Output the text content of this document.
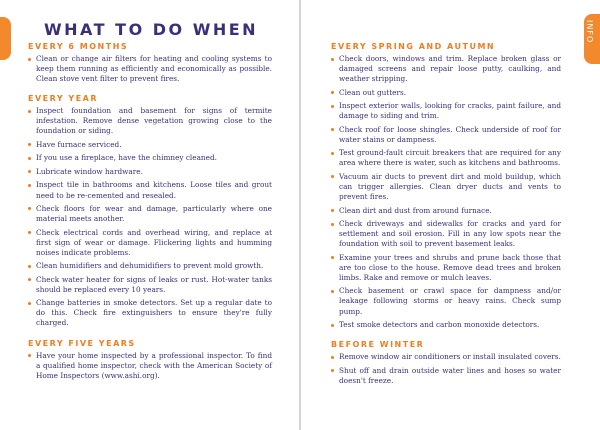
WHAT TO DO WHEN
EVERY 6 MONTHS
Clean or change air filters for heating and cooling systems to keep them running as efficiently and economically as possible. Clean stove vent filter to prevent fires.
EVERY YEAR
Inspect foundation and basement for signs of termite infestation. Remove dense vegetation growing close to the foundation or siding.
Have furnace serviced.
If you use a fireplace, have the chimney cleaned.
Lubricate window hardware.
Inspect tile in bathrooms and kitchens. Loose tiles and grout need to be re-cemented and resealed.
Check floors for wear and damage, particularly where one material meets another.
Check electrical cords and overhead wiring, and replace at first sign of wear or damage. Flickering lights and humming noises indicate problems.
Clean humidifiers and dehumidifiers to prevent mold growth.
Check water heater for signs of leaks or rust. Hot-water tanks should be replaced every 10 years.
Change batteries in smoke detectors. Set up a regular date to do this. Check fire extinguishers to ensure they're fully charged.
EVERY FIVE YEARS
Have your home inspected by a professional inspector. To find a qualified home inspector, check with the American Society of Home Inspectors (www.ashi.org).
INFO
EVERY SPRING AND AUTUMN
Check doors, windows and trim. Replace broken glass or damaged screens and repair loose putty, caulking, and weather stripping.
Clean out gutters.
Inspect exterior walls, looking for cracks, paint failure, and damage to siding and trim.
Check roof for loose shingles. Check underside of roof for water stains or dampness.
Test ground-fault circuit breakers that are required for any area where there is water, such as kitchens and bathrooms.
Vacuum air ducts to prevent dirt and mold buildup, which can trigger allergies. Clean dryer ducts and vents to prevent fires.
Clean dirt and dust from around furnace.
Check driveways and sidewalks for cracks and yard for settlement and soil erosion. Fill in any low spots near the foundation with soil to prevent basement leaks.
Examine your trees and shrubs and prune back those that are too close to the house. Remove dead trees and broken limbs. Rake and remove or mulch leaves.
Check basement or crawl space for dampness and/or leakage following storms or heavy rains. Check sump pump.
Test smoke detectors and carbon monoxide detectors.
BEFORE WINTER
Remove window air conditioners or install insulated covers.
Shut off and drain outside water lines and hoses so water doesn't freeze.
